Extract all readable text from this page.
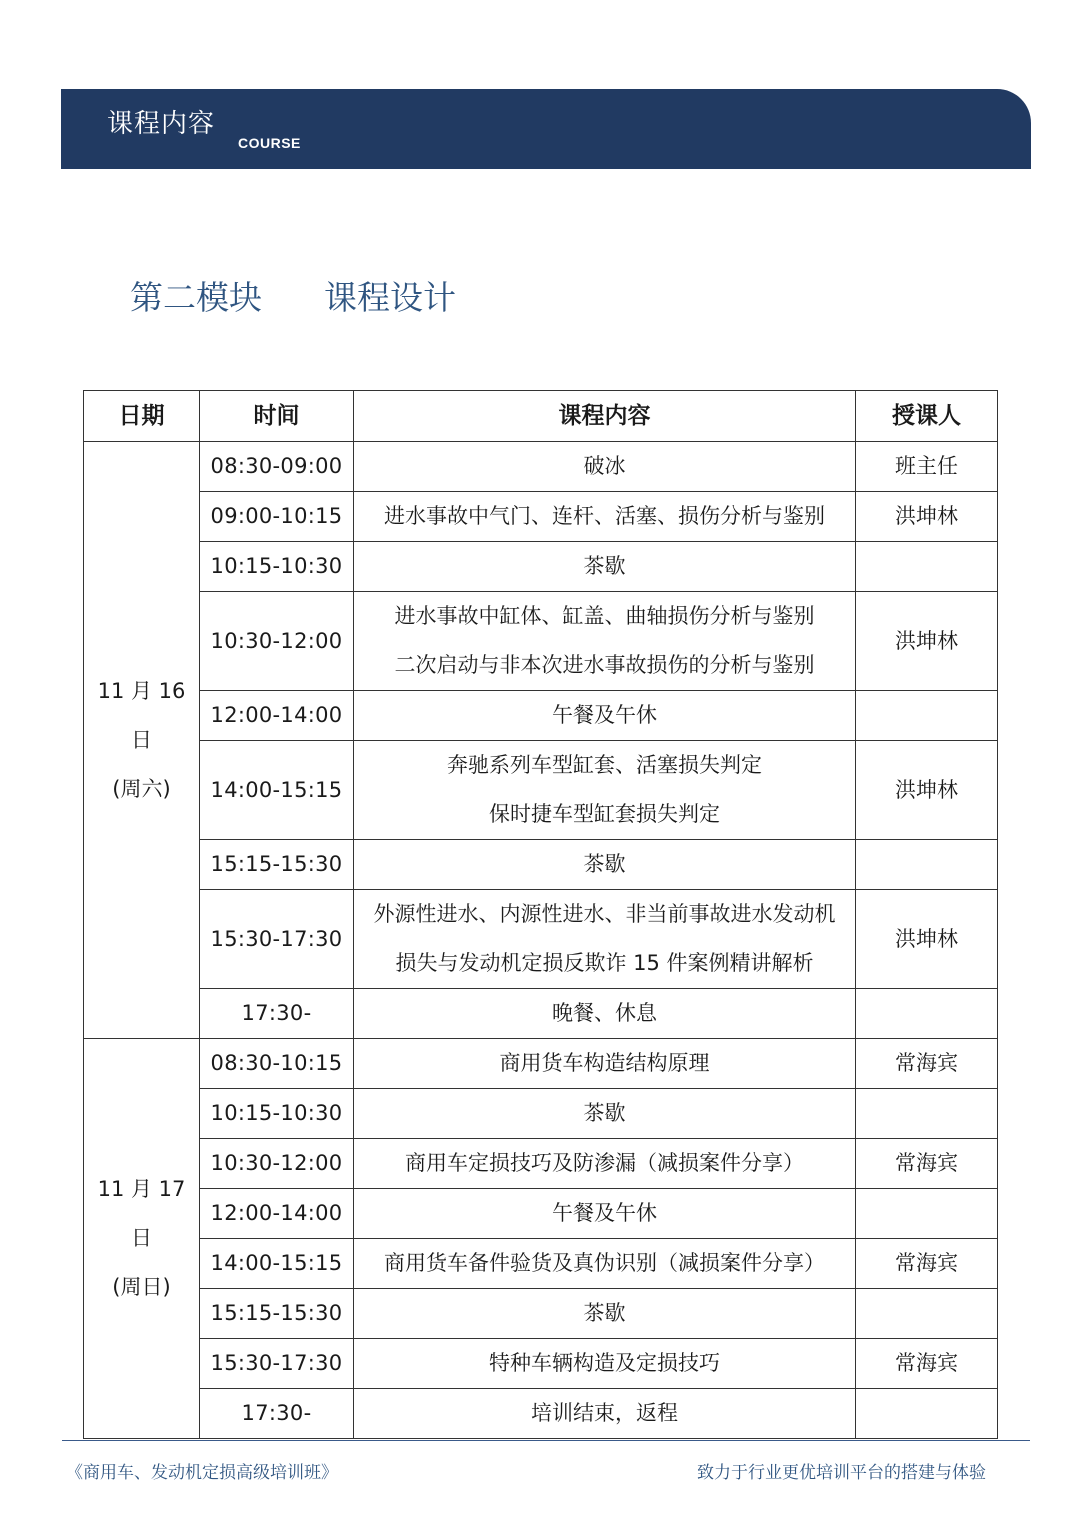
课程内容
COURSE
第二模块 课程设计
日期	时间	课程内容	授课人

11 月 16
日
(周六)	08:30-09:00	破冰	班主任
	09:00-10:15	进水事故中气门、连杆、活塞、损伤分析与鉴别	洪坤林
	10:15-10:30	茶歇	

	10:30-12:00	进水事故中缸体、缸盖、曲轴损伤分析与鉴别
二次启动与非本次进水事故损伤的分析与鉴别	洪坤林
	12:00-14:00	午餐及午休	

	14:00-15:15	奔驰系列车型缸套、活塞损失判定
保时捷车型缸套损失判定	洪坤林
	15:15-15:30	茶歇	

	15:30-17:30	外源性进水、内源性进水、非当前事故进水发动机
损失与发动机定损反欺诈 15 件案例精讲解析	洪坤林
	17:30-	晚餐、休息	

11 月 17
日
(周日)	08:30-10:15	商用货车构造结构原理	常海宾
	10:15-10:30	茶歇	

	10:30-12:00	商用车定损技巧及防渗漏（减损案件分享）	常海宾
	12:00-14:00	午餐及午休	

	14:00-15:15	商用货车备件验货及真伪识别（减损案件分享）	常海宾
	15:15-15:30	茶歇	

	15:30-17:30	特种车辆构造及定损技巧	常海宾
	17:30-	培训结束，返程	

《商用车、发动机定损高级培训班》	致力于行业更优培训平台的搭建与体验
